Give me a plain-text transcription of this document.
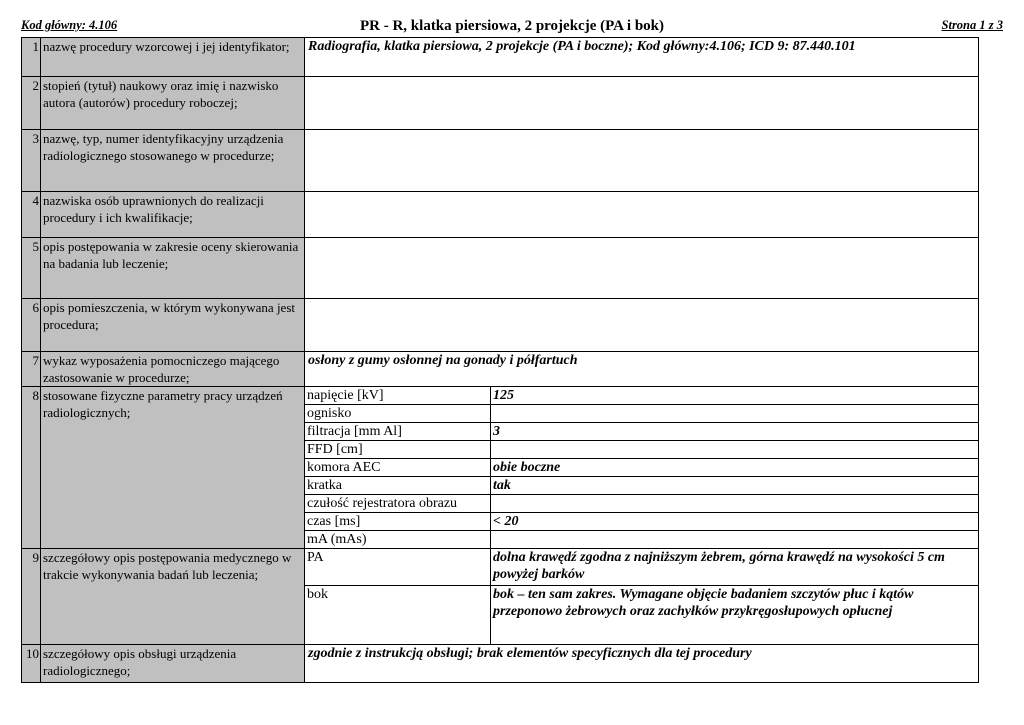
Kod główny: 4.106	PR - R, klatka piersiowa, 2 projekcje (PA i bok)	Strona 1 z 3
1	nazwę procedury wzorcowej i jej identyfikator;	Radiografia, klatka piersiowa, 2 projekcje (PA i boczne); Kod główny:4.106; ICD 9: 87.440.101
2	stopień (tytuł) naukowy oraz imię i nazwisko autora (autorów) procedury roboczej;	
3	nazwę, typ, numer identyfikacyjny urządzenia radiologicznego stosowanego w procedurze;	
4	nazwiska osób uprawnionych do realizacji procedury i ich kwalifikacje;	
5	opis postępowania w zakresie oceny skierowania na badania lub leczenie;	
6	opis pomieszczenia, w którym wykonywana jest procedura;	
7	wykaz wyposażenia pomocniczego mającego zastosowanie w procedurze;	osłony z gumy osłonnej na gonady i półfartuch
8	stosowane fizyczne parametry pracy urządzeń radiologicznych;	
napięcie [kV]	125
ognisko	
filtracja [mm Al]	3
FFD [cm]	
komora AEC	obie boczne
kratka	tak
czułość rejestratora obrazu	
czas [ms]	< 20
mA (mAs)	

9	szczegółowy opis postępowania medycznego w trakcie wykonywania badań lub leczenia;	
PA	dolna krawędź zgodna z najniższym żebrem, górna krawędź na wysokości 5 cm powyżej barków
bok	bok – ten sam zakres. Wymagane objęcie badaniem szczytów płuc i kątów przeponowo żebrowych oraz zachyłków przykręgosłupowych opłucnej

10	szczegółowy opis obsługi urządzenia radiologicznego;	zgodnie z instrukcją obsługi; brak elementów specyficznych dla tej procedury
